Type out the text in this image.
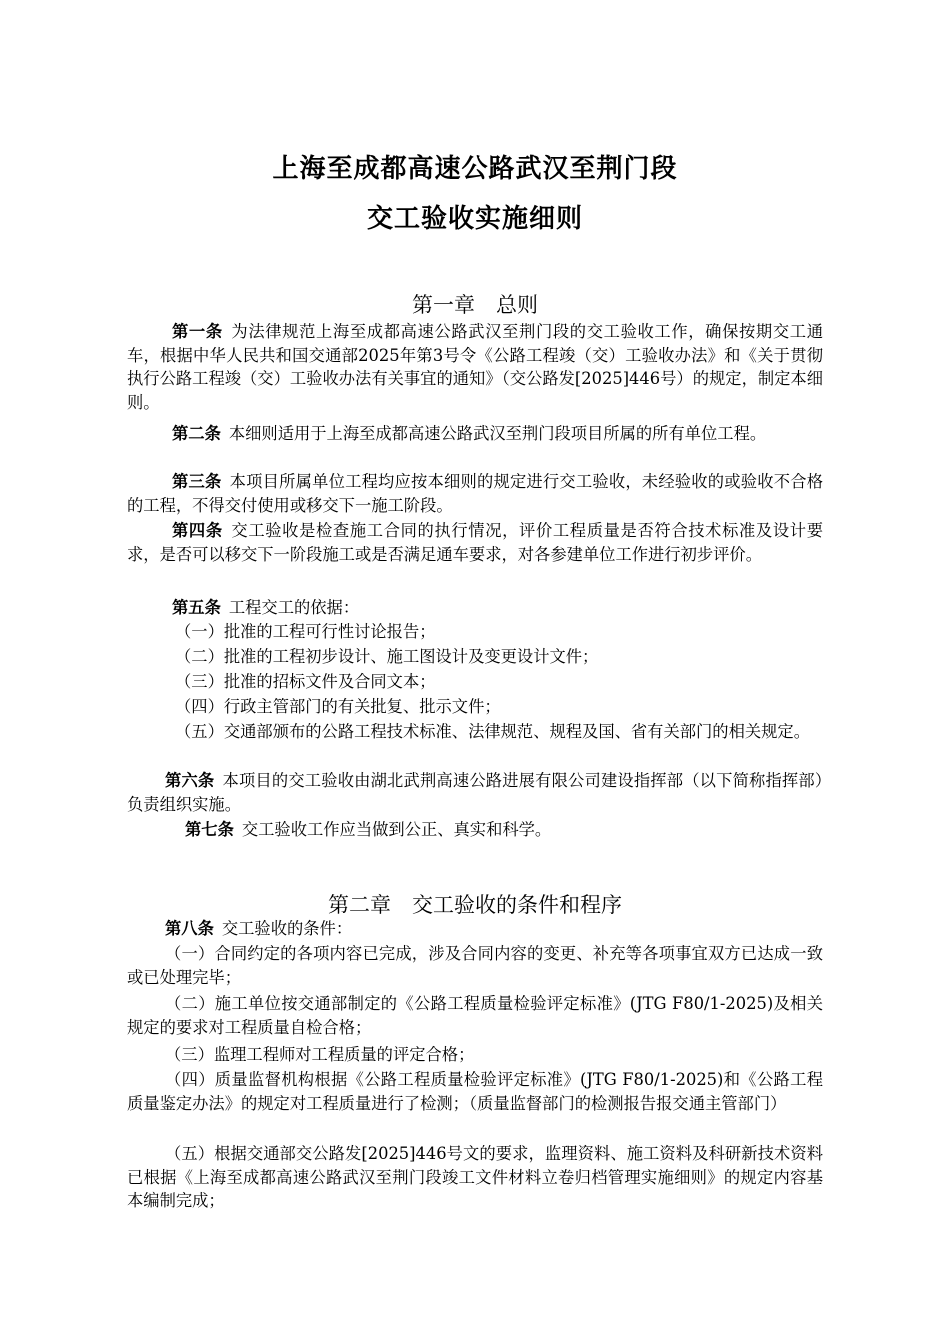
上海至成都高速公路武汉至荆门段
交工验收实施细则
第一章　总则
第一条 为法律规范上海至成都高速公路武汉至荆门段的交工验收工作，确保按期交工通车，根据中华人民共和国交通部2025年第3号令《公路工程竣（交）工验收办法》和《关于贯彻执行公路工程竣（交）工验收办法有关事宜的通知》（交公路发[2025]446号）的规定，制定本细则。
第二条 本细则适用于上海至成都高速公路武汉至荆门段项目所属的所有单位工程。
第三条 本项目所属单位工程均应按本细则的规定进行交工验收，未经验收的或验收不合格的工程，不得交付使用或移交下一施工阶段。
第四条 交工验收是检查施工合同的执行情况，评价工程质量是否符合技术标准及设计要求，是否可以移交下一阶段施工或是否满足通车要求，对各参建单位工作进行初步评价。
第五条 工程交工的依据：
（一）批准的工程可行性讨论报告；
（二）批准的工程初步设计、施工图设计及变更设计文件；
（三）批准的招标文件及合同文本；
（四）行政主管部门的有关批复、批示文件；
（五）交通部颁布的公路工程技术标准、法律规范、规程及国、省有关部门的相关规定。
第六条 本项目的交工验收由湖北武荆高速公路进展有限公司建设指挥部（以下简称指挥部）负责组织实施。
第七条 交工验收工作应当做到公正、真实和科学。
第二章　交工验收的条件和程序
第八条 交工验收的条件：
（一）合同约定的各项内容已完成，涉及合同内容的变更、补充等各项事宜双方已达成一致或已处理完毕；
（二）施工单位按交通部制定的《公路工程质量检验评定标准》(JTG F80/1-2025)及相关规定的要求对工程质量自检合格；
（三）监理工程师对工程质量的评定合格；
（四）质量监督机构根据《公路工程质量检验评定标准》(JTG F80/1-2025)和《公路工程质量鉴定办法》的规定对工程质量进行了检测；（质量监督部门的检测报告报交通主管部门）
（五）根据交通部交公路发[2025]446号文的要求，监理资料、施工资料及科研新技术资料已根据《上海至成都高速公路武汉至荆门段竣工文件材料立卷归档管理实施细则》的规定内容基本编制完成；
